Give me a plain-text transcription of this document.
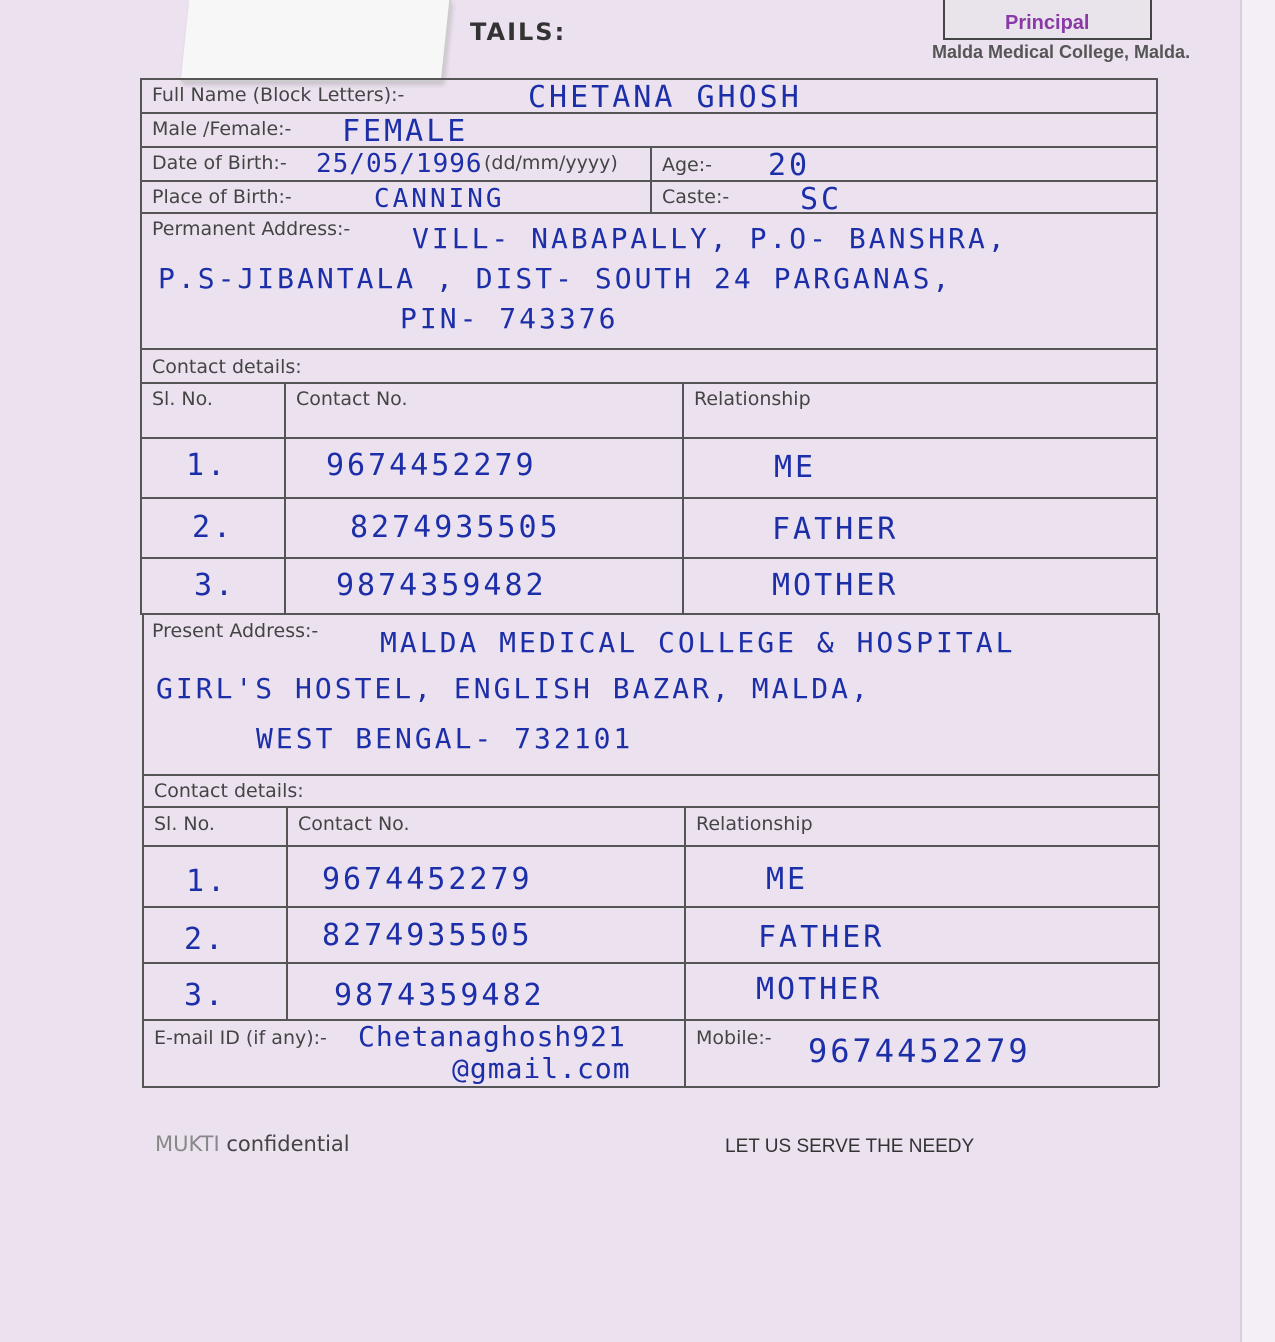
TAILS:	Principal
Malda Medical College, Malda.
Full Name (Block Letters):-	CHETANA GHOSH
Male /Female:- FEMALE
Date of Birth:- 25/05/1996 (dd/mm/yyyy) Age:- 20
Place of Birth:-	CANNING	Caste:- SC
Permanent Address:- VILL- NABAPALLY, P.O- BANSHRA,
P.S-JIBANTALA , DIST- SOUTH 24 PARGANAS,
PIN- 743376
Contact details:
Sl. No.	Contact No.	Relationship
1.	9674452279	ME
2.	8274935505	FATHER
3.	9874359482	MOTHER
Present Address:- MALDA MEDICAL COLLEGE & HOSPITAL
GIRL'S HOSTEL, ENGLISH BAZAR, MALDA,
WEST BENGAL- 732101
Contact details:
Sl. No.	Contact No.	Relationship
1.	9674452279	ME
2.	8274935505	FATHER
3.	9874359482	MOTHER
E-mail ID (if any):- Chetanaghosh921
@gmail.com
Mobile:- 9674452279
MUKTI confidential	LET US SERVE THE NEEDY
